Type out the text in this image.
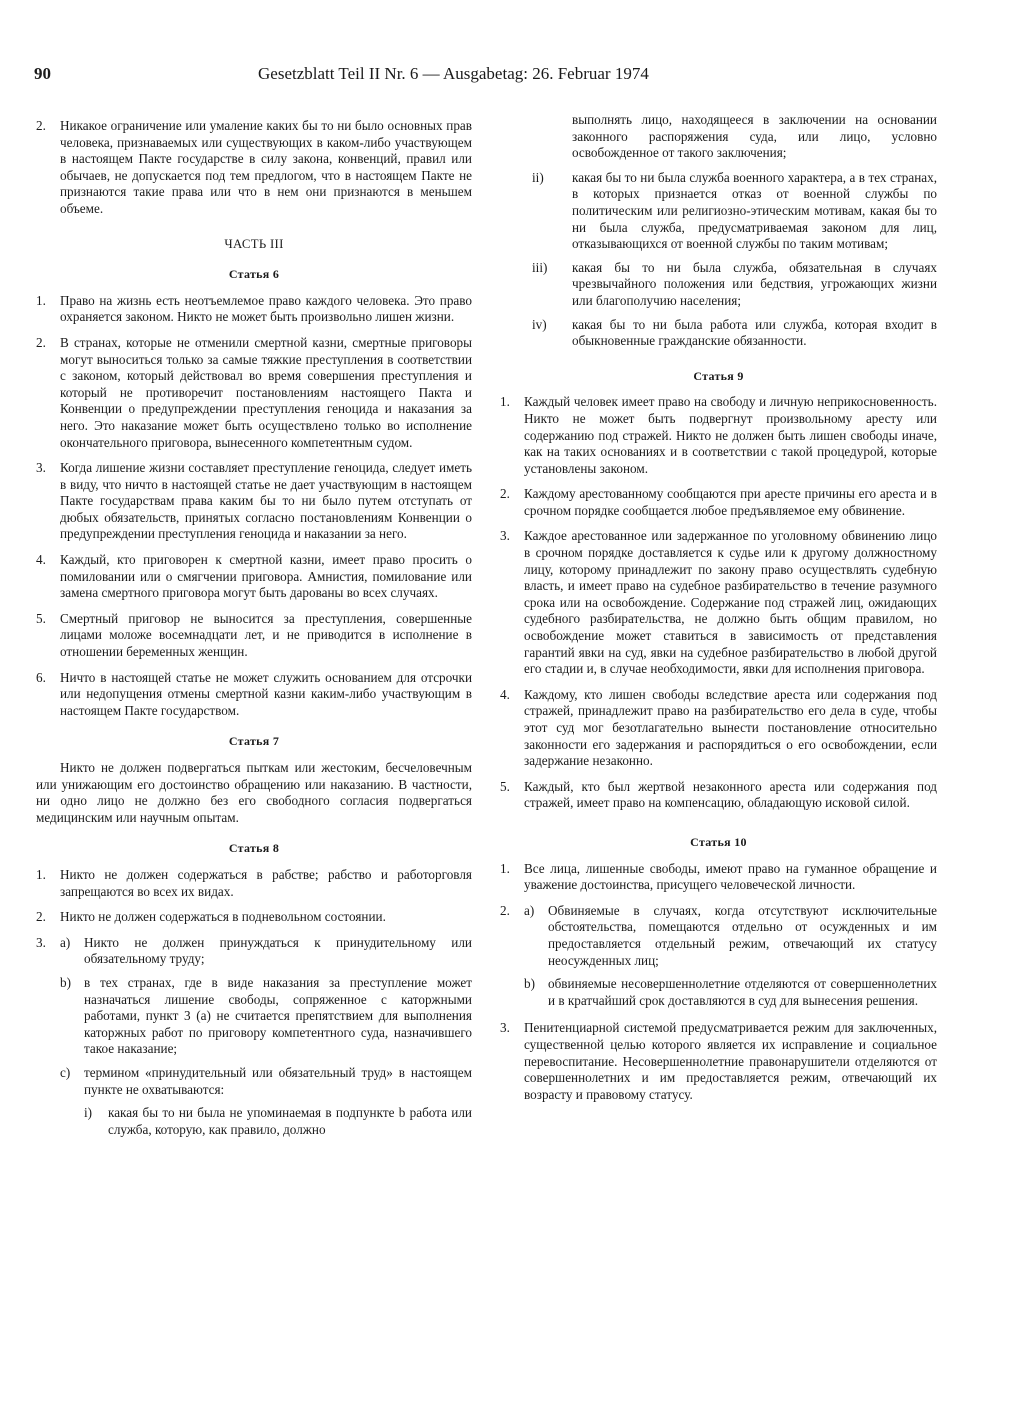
90	Gesetzblatt Teil II Nr. 6 — Ausgabetag: 26. Februar 1974
2.	Никакое ограничение или умаление каких бы то ни было основных прав человека, признаваемых или существующих в каком-либо участвующем в настоящем Пакте государстве в силу закона, конвенций, правил или обычаев, не допускается под тем предлогом, что в настоящем Пакте не признаются такие права или что в нем они признаются в меньшем объеме.
ЧАСТЬ III
Статья 6
1.	Право на жизнь есть неотъемлемое право каждого человека. Это право охраняется законом. Никто не может быть произвольно лишен жизни.
2.	В странах, которые не отменили смертной казни, смертные приговоры могут выноситься только за самые тяжкие преступления в соответствии с законом, который действовал во время совершения преступления и который не противоречит постановлениям настоящего Пакта и Конвенции о предупреждении преступления геноцида и наказания за него. Это наказание может быть осуществлено только во исполнение окончательного приговора, вынесенного компетентным судом.
3.	Когда лишение жизни составляет преступление геноцида, следует иметь в виду, что ничто в настоящей статье не дает участвующим в настоящем Пакте государствам права каким бы то ни было путем отступать от дюбых обязательств, принятых согласно постановлениям Конвенции о предупреждении преступления геноцида и наказании за него.
4.	Каждый, кто приговорен к смертной казни, имеет право просить о помиловании или о смягчении приговора. Амнистия, помилование или замена смертного приговора могут быть дарованы во всех случаях.
5.	Смертный приговор не выносится за преступления, совершенные лицами моложе восемнадцати лет, и не приводится в исполнение в отношении беременных женщин.
6.	Ничто в настоящей статье не может служить основанием для отсрочки или недопущения отмены смертной казни каким-либо участвующим в настоящем Пакте государством.
Статья 7
Никто не должен подвергаться пыткам или жестоким, бесчеловечным или унижающим его достоинство обращению или наказанию. В частности, ни одно лицо не должно без его свободного согласия подвергаться медицинским или научным опытам.
Статья 8
1.	Никто не должен содержаться в рабстве; рабство и работорговля запрещаются во всех их видах.
2.	Никто не должен содержаться в подневольном состоянии.
3.	a)	Никто не должен принуждаться к принудительному или обязательному труду;
b) в тех странах, где в виде наказания за преступление может назначаться лишение свободы, сопряженное с каторжными работами, пункт 3 (а) не считается препятствием для выполнения каторжных работ по приговору компетентного суда, назначившего такое наказание;
c)	термином «принудительный или обязательный труд» в настоящем пункте не охватываются:
i)	какая бы то ни была не упоминаемая в подпункте b работа или служба, которую, как правило, должно
выполнять лицо, находящееся в заключении на основании законного распоряжения суда, или лицо, условно освобожденное от такого заключения;
ii)	какая бы то ни была служба военного характера, а в тех странах, в которых признается отказ от военной службы по политическим или религиозно-этическим мотивам, какая бы то ни была служба, предусматриваемая законом для лиц, отказывающихся от военной службы по таким мотивам;
iii)	какая бы то ни была служба, обязательная в случаях чрезвычайного положения или бедствия, угрожающих жизни или благополучию населения;
iv)	какая бы то ни была работа или служба, которая входит в обыкновенные гражданские обязанности.
Статья 9
1.	Каждый человек имеет право на свободу и личную неприкосновенность. Никто не может быть подвергнут произвольному аресту или содержанию под стражей. Никто не должен быть лишен свободы иначе, как на таких основаниях и в соответствии с такой процедурой, которые установлены законом.
2.	Каждому арестованному сообщаются при аресте причины его ареста и в срочном порядке сообщается любое предъявляемое ему обвинение.
3.	Каждое арестованное или задержанное по уголовному обвинению лицо в срочном порядке доставляется к судье или к другому должностному лицу, которому принадлежит по закону право осуществлять судебную власть, и имеет право на судебное разбирательство в течение разумного срока или на освобождение. Содержание под стражей лиц, ожидающих судебного разбирательства, не должно быть общим правилом, но освобождение может ставиться в зависимость от представления гарантий явки на суд, явки на судебное разбирательство в любой другой его стадии и, в случае необходимости, явки для исполнения приговора.
4.	Каждому, кто лишен свободы вследствие ареста или содержания под стражей, принадлежит право на разбирательство его дела в суде, чтобы этот суд мог безотлагательно вынести постановление относительно законности его задержания и распорядиться о его освобождении, если задержание незаконно.
5.	Каждый, кто был жертвой незаконного ареста или содержания под стражей, имеет право на компенсацию, обладающую исковой силой.
Статья 10
1.	Все лица, лишенные свободы, имеют право на гуманное обращение и уважение достоинства, присущего человеческой личности.
2.	a)	Обвиняемые в случаях, когда отсутствуют исключительные обстоятельства, помещаются отдельно от осужденных и им предоставляется отдельный режим, отвечающий их статусу неосужденных лиц;
b) обвиняемые несовершеннолетние отделяются от совершеннолетних и в кратчайший срок доставляются в суд для вынесения решения.
3.	Пенитенциарной системой предусматривается режим для заключенных, существенной целью которого является их исправление и социальное перевоспитание. Несовершеннолетние правонарушители отделяются от совершеннолетних и им предоставляется режим, отвечающий их возрасту и правовому статусу.
